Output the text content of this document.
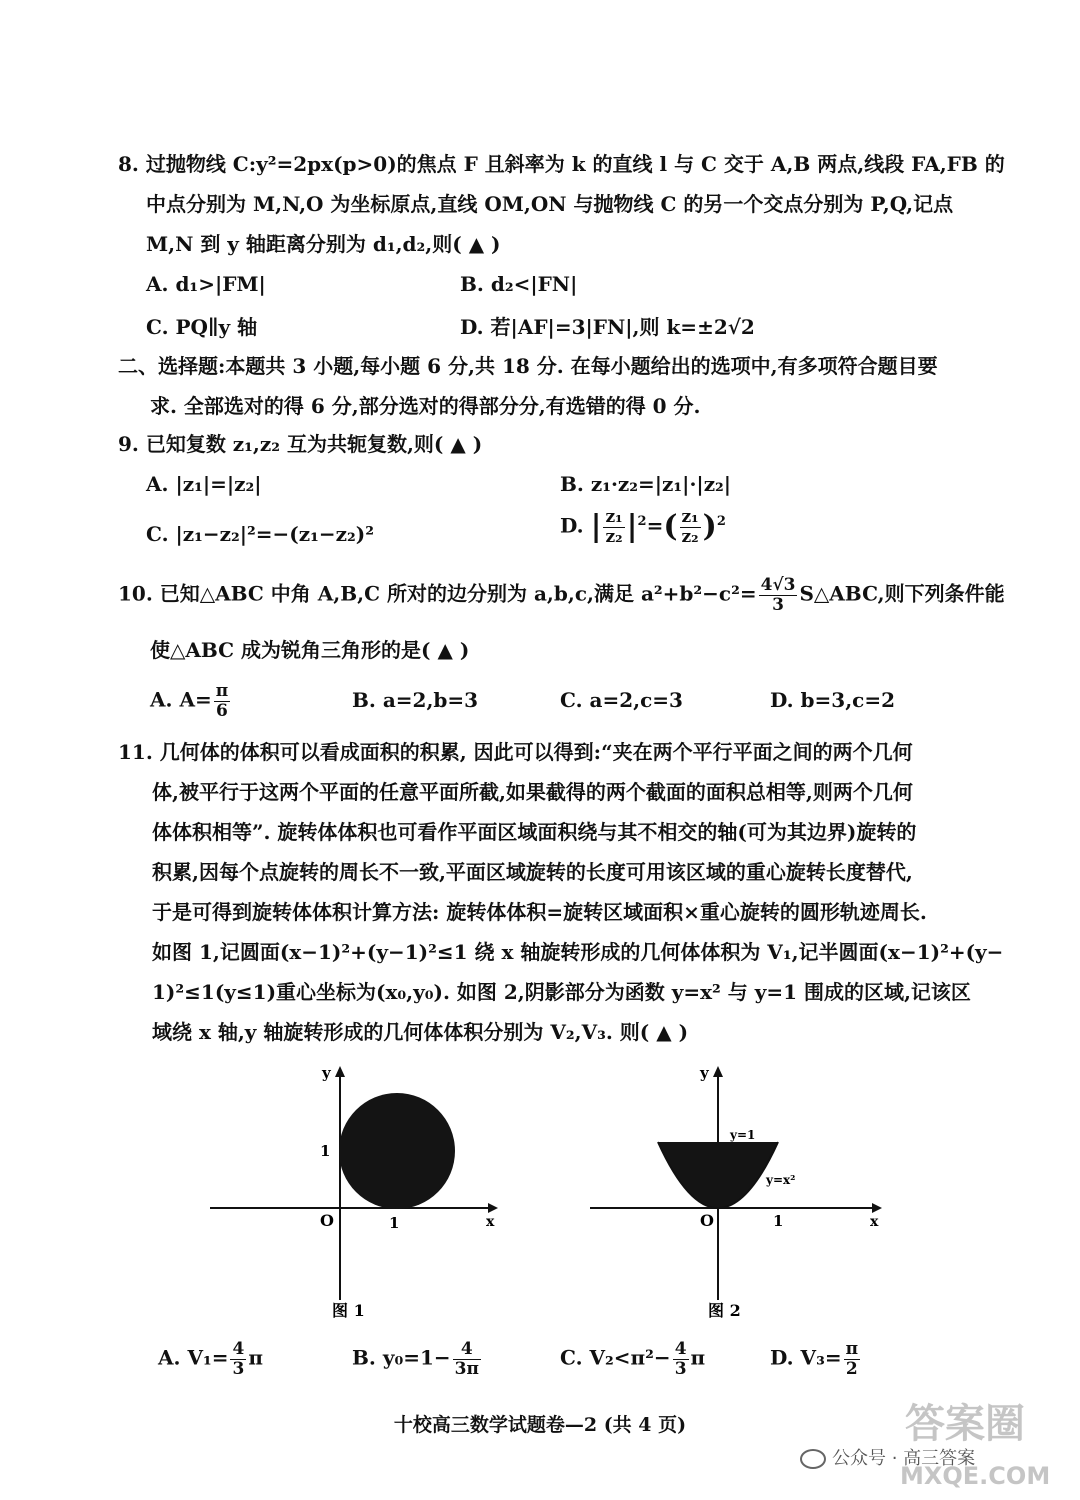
8. 过抛物线 C:y²=2px(p>0)的焦点 F 且斜率为 k 的直线 l 与 C 交于 A,B 两点,线段 FA,FB 的
中点分别为 M,N,O 为坐标原点,直线 OM,ON 与抛物线 C 的另一个交点分别为 P,Q,记点
M,N 到 y 轴距离分别为 d₁,d₂,则( ▲ )
A. d₁>|FM|	B. d₂<|FN|
C. PQ∥y 轴	D. 若|AF|=3|FN|,则 k=±2√2
二、选择题:本题共 3 小题,每小题 6 分,共 18 分. 在每小题给出的选项中,有多项符合题目要
求. 全部选对的得 6 分,部分选对的得部分分,有选错的得 0 分.
9. 已知复数 z₁,z₂ 互为共轭复数,则( ▲ )
A. |z₁|=|z₂|	B. z₁·z₂=|z₁|·|z₂|
C. |z₁−z₂|²=−(z₁−z₂)²	D. | $\frac{\text{z₁}}{\text{z₂}} |^2=( \frac{\text{z₁}}{\text{z₂}} )^2$
10. 已知△ABC 中角 A,B,C 所对的边分别为 a,b,c,满足 $a^2+b^2-c^2= \frac{4√3}{3}$ S△ABC,则下列条件能
使△ABC 成为锐角三角形的是( ▲ )
A. $A= \frac{\pi}{6}$	B. a=2,b=3	C. a=2,c=3	D. b=3,c=2
11. 几何体的体积可以看成面积的积累, 因此可以得到:“夹在两个平行平面之间的两个几何
体,被平行于这两个平面的任意平面所截,如果截得的两个截面的面积总相等,则两个几何
体体积相等”. 旋转体体积也可看作平面区域面积绕与其不相交的轴(可为其边界)旋转的
积累,因每个点旋转的周长不一致,平面区域旋转的长度可用该区域的重心旋转长度替代,
于是可得到旋转体体积计算方法: 旋转体体积=旋转区域面积×重心旋转的圆形轨迹周长.
如图 1,记圆面(x−1)²+(y−1)²≤1 绕 x 轴旋转形成的几何体体积为 V₁,记半圆面(x−1)²+(y−
1)²≤1(y≤1)重心坐标为(x₀,y₀). 如图 2,阴影部分为函数 y=x² 与 y=1 围成的区域,记该区
域绕 x 轴,y 轴旋转形成的几何体体积分别为 V₂,V₃. 则( ▲ )
y
x
O	1
1
图 1
y
x
O	1
y=1
y=x²
图 2
A. $V_1= \frac{4}{3}$ π	B. $y_0=1- \frac{4}{3\pi}$	C. $V_2<\pi^2- \frac{4}{3}$ π	D. $V_3= \frac{\pi}{2}$
十校高三数学试题卷—2 (共 4 页)
公众号 · 高三答案
答案圈
MXQE.COM
